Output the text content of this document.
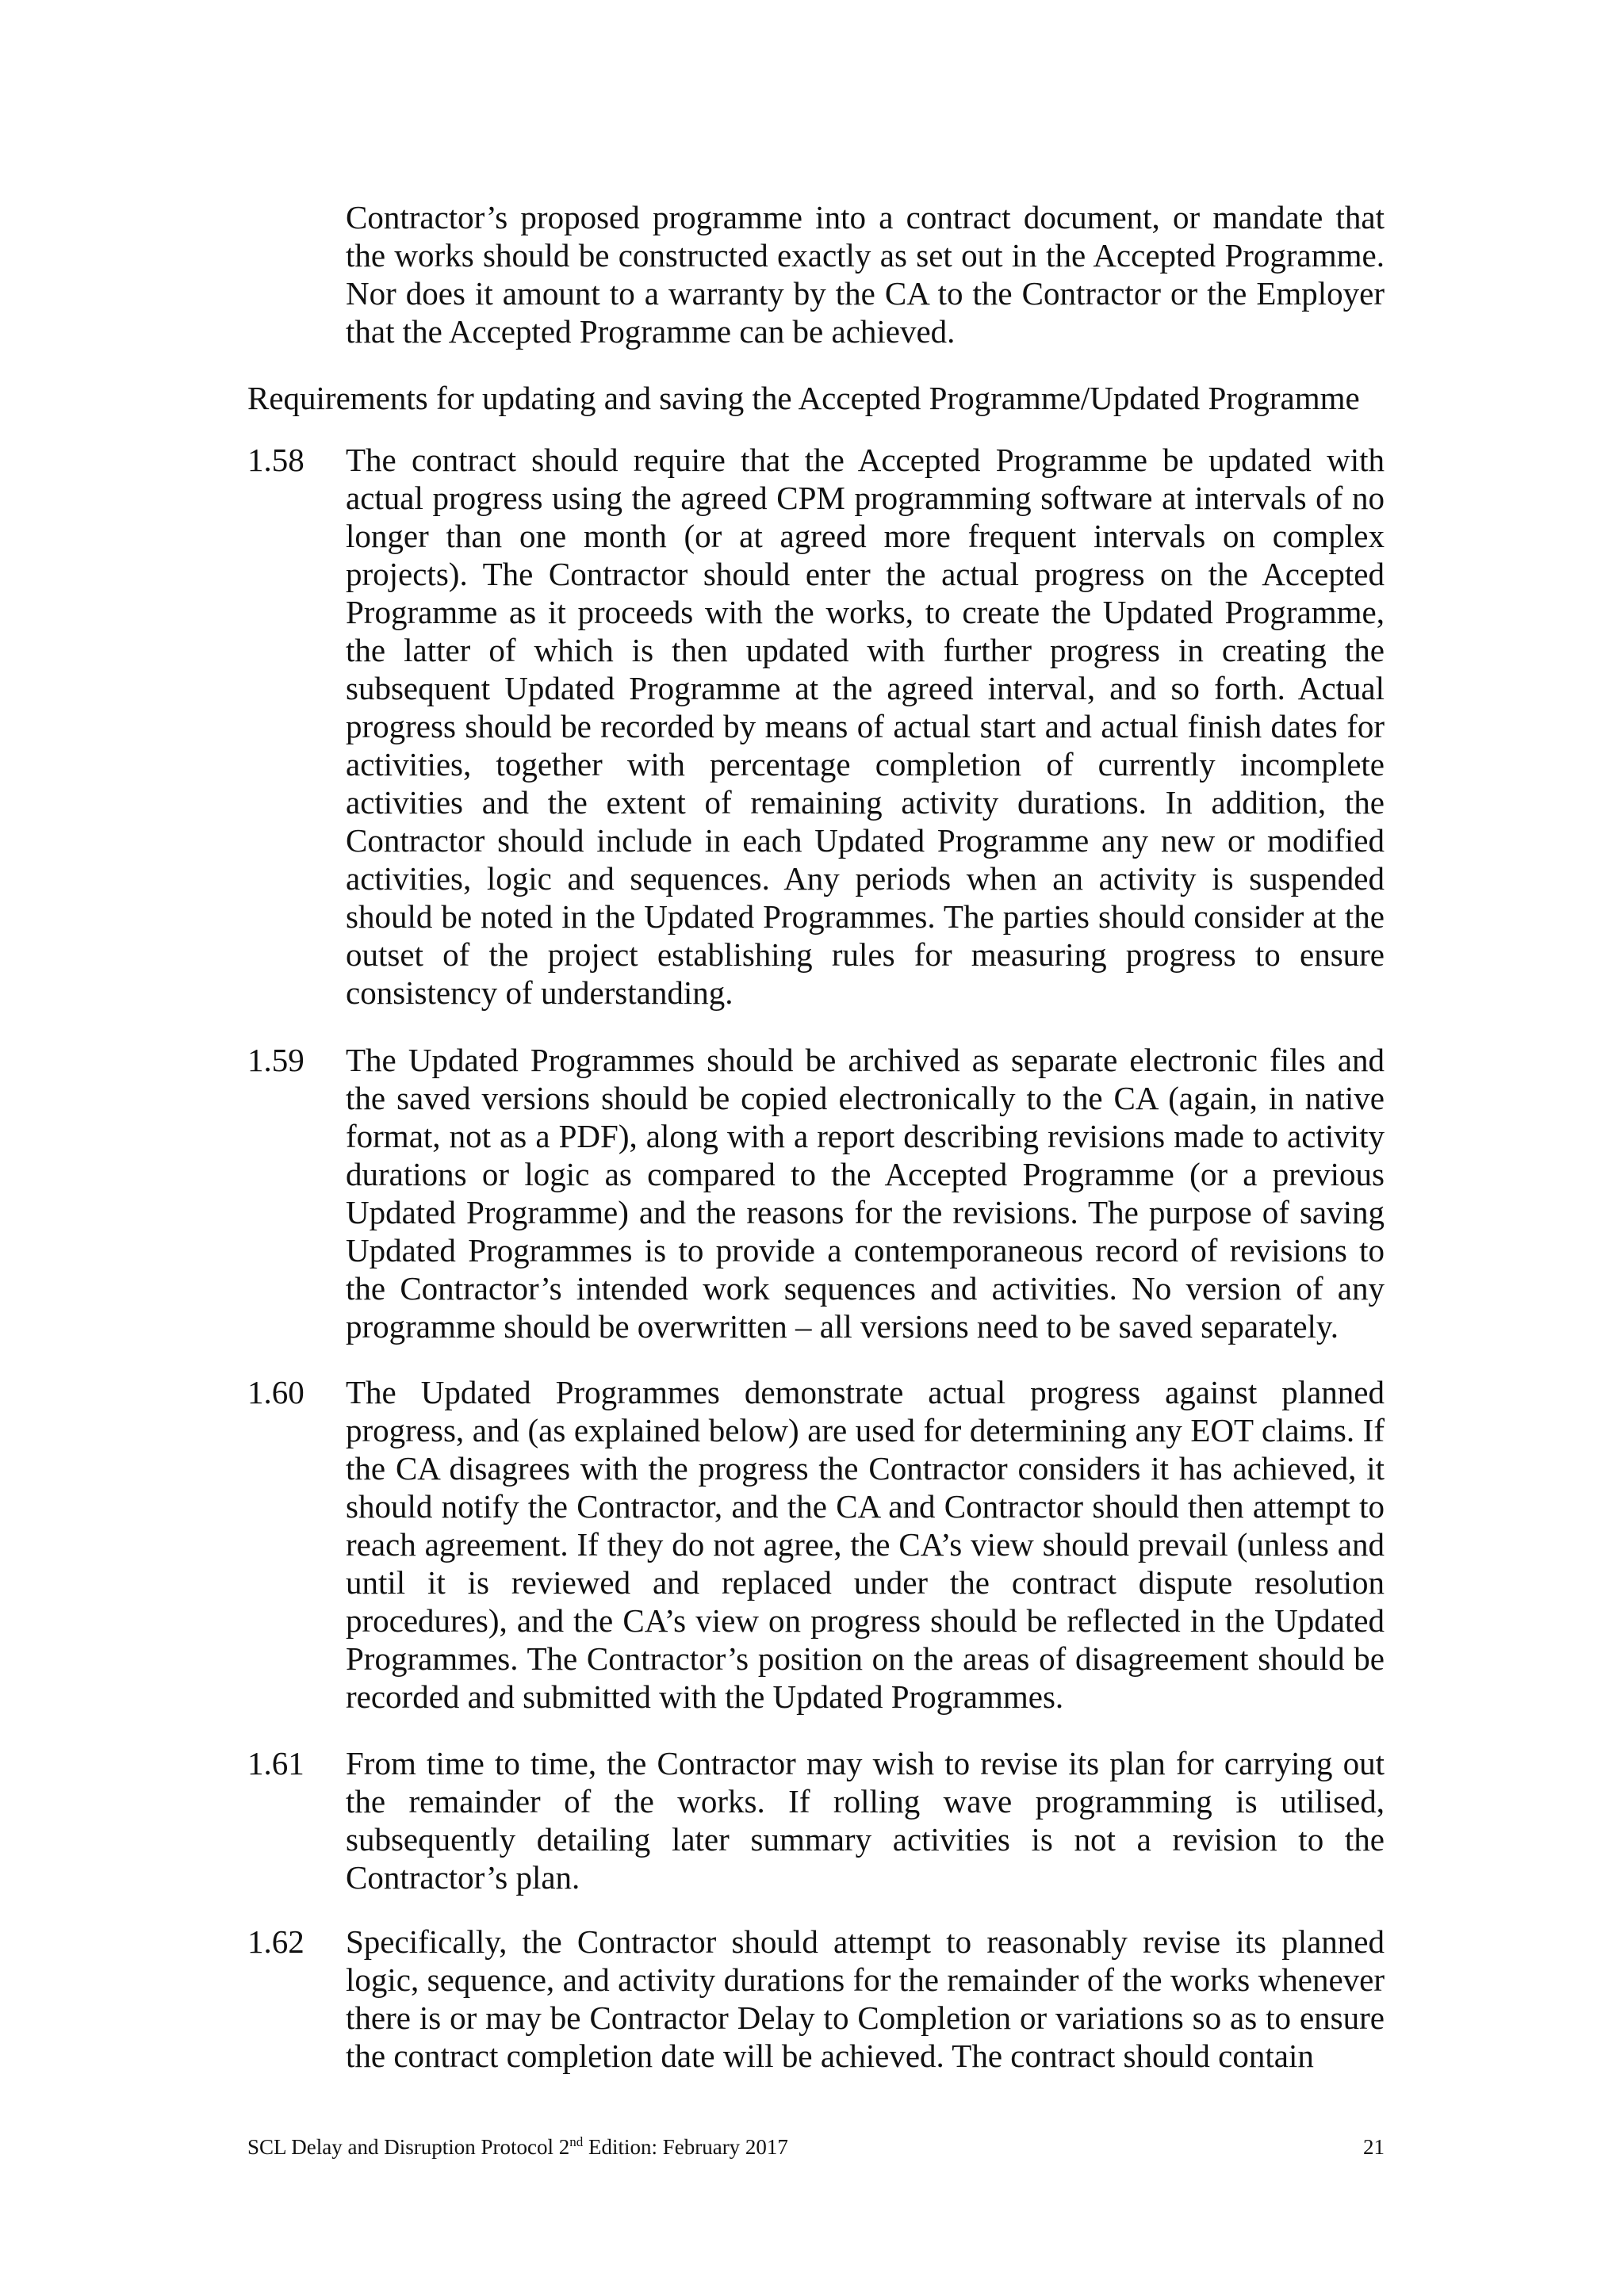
Contractor’s proposed programme into a contract document, or mandate that the works should be constructed exactly as set out in the Accepted Programme. Nor does it amount to a warranty by the CA to the Contractor or the Employer that the Accepted Programme can be achieved.

Requirements for updating and saving the Accepted Programme/Updated Programme

1.58	The contract should require that the Accepted Programme be updated with actual progress using the agreed CPM programming software at intervals of no longer than one month (or at agreed more frequent intervals on complex projects). The Contractor should enter the actual progress on the Accepted Programme as it proceeds with the works, to create the Updated Programme, the latter of which is then updated with further progress in creating the subsequent Updated Programme at the agreed interval, and so forth. Actual progress should be recorded by means of actual start and actual finish dates for activities, together with percentage completion of currently incomplete activities and the extent of remaining activity durations. In addition, the Contractor should include in each Updated Programme any new or modified activities, logic and sequences. Any periods when an activity is suspended should be noted in the Updated Programmes. The parties should consider at the outset of the project establishing rules for measuring progress to ensure consistency of understanding.
1.59	The Updated Programmes should be archived as separate electronic files and the saved versions should be copied electronically to the CA (again, in native format, not as a PDF), along with a report describing revisions made to activity durations or logic as compared to the Accepted Programme (or a previous Updated Programme) and the reasons for the revisions. The purpose of saving Updated Programmes is to provide a contemporaneous record of revisions to the Contractor’s intended work sequences and activities. No version of any programme should be overwritten – all versions need to be saved separately.
1.60	The Updated Programmes demonstrate actual progress against planned progress, and (as explained below) are used for determining any EOT claims. If the CA disagrees with the progress the Contractor considers it has achieved, it should notify the Contractor, and the CA and Contractor should then attempt to reach agreement. If they do not agree, the CA’s view should prevail (unless and until it is reviewed and replaced under the contract dispute resolution procedures), and the CA’s view on progress should be reflected in the Updated Programmes. The Contractor’s position on the areas of disagreement should be recorded and submitted with the Updated Programmes.
1.61	From time to time, the Contractor may wish to revise its plan for carrying out the remainder of the works. If rolling wave programming is utilised, subsequently detailing later summary activities is not a revision to the Contractor’s plan.
1.62	Specifically, the Contractor should attempt to reasonably revise its planned logic, sequence, and activity durations for the remainder of the works whenever there is or may be Contractor Delay to Completion or variations so as to ensure the contract completion date will be achieved. The contract should contain
SCL Delay and Disruption Protocol 2nd Edition: February 2017	21
